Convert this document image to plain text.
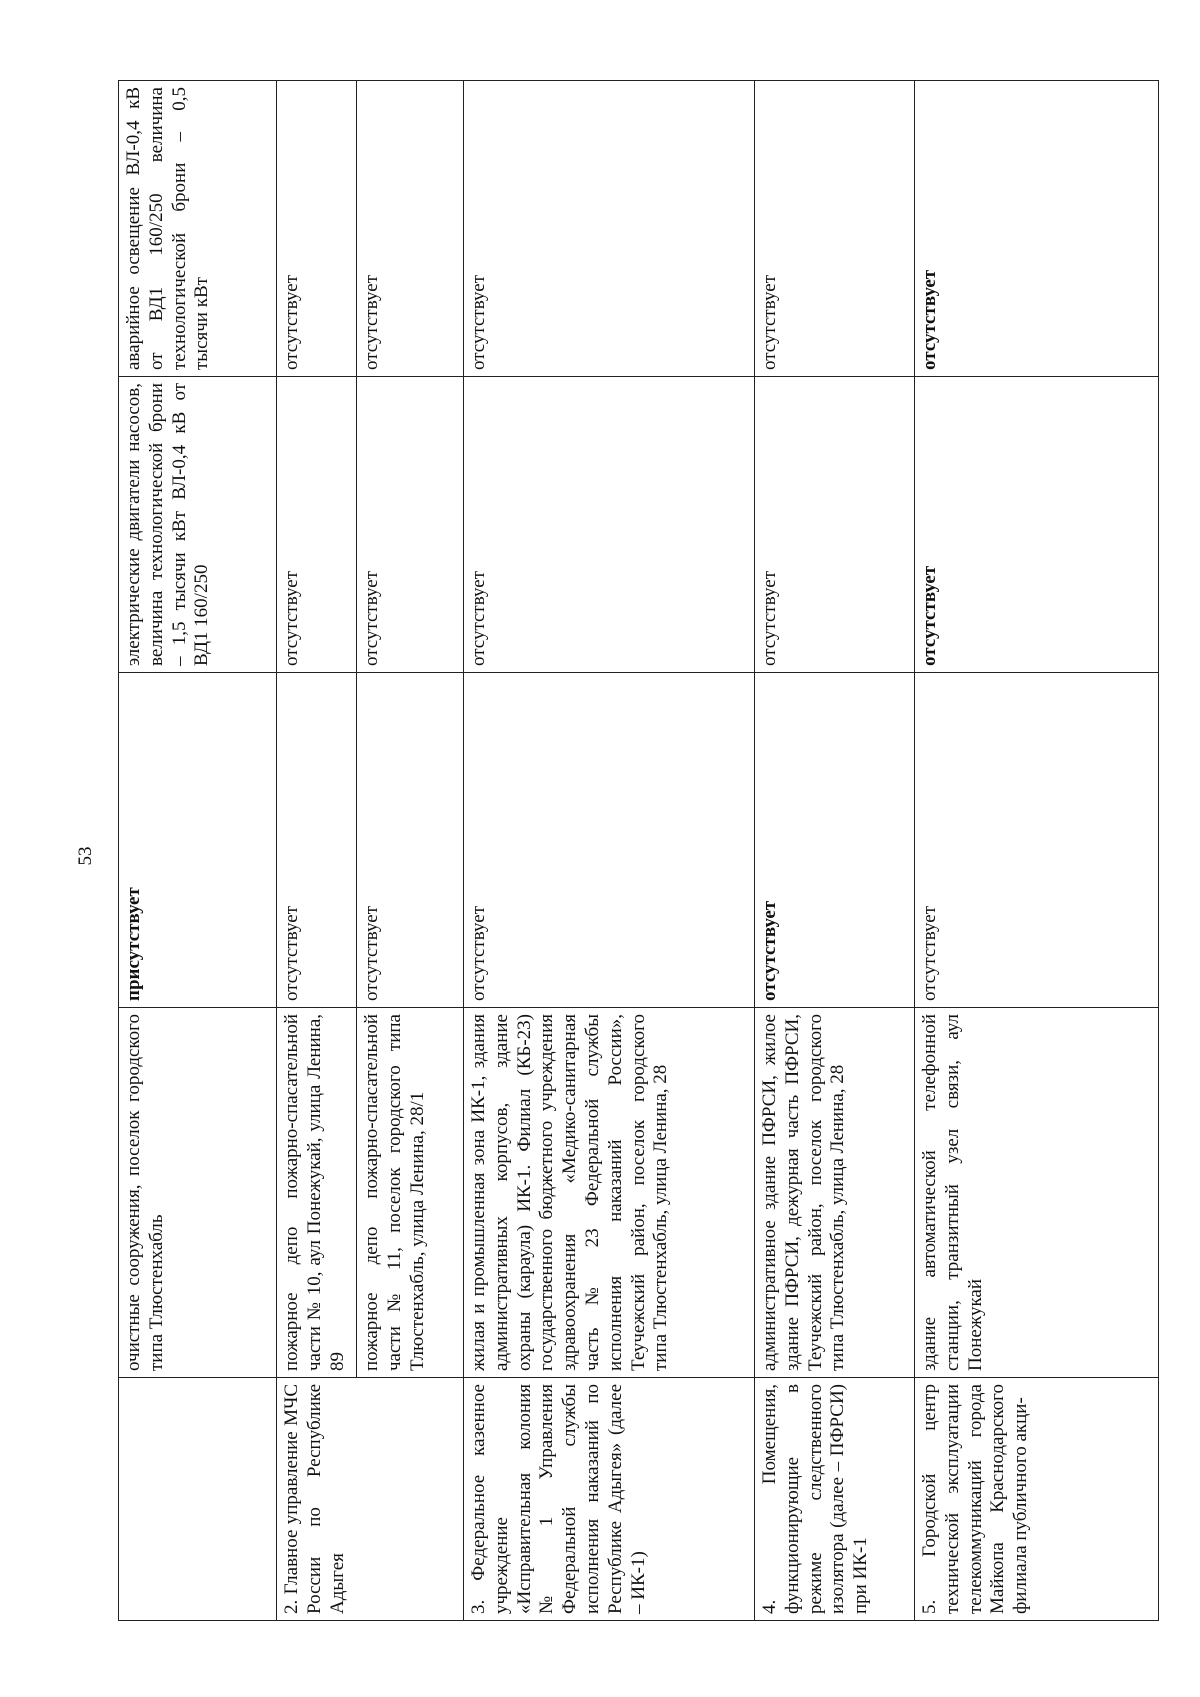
53
	очистные сооружения, поселок городского типа Тлюстенхабль	присутствует	электрические двигатели насосов, величина технологической брони – 1,5 тысячи кВт ВЛ-0,4 кВ от ВД1 160/250	аварийное освещение ВЛ-0,4 кВ от ВД1 160/250 величина технологической брони – 0,5 тысячи кВт
2. Главное управление МЧС России по Республике Адыгея	пожарное депо пожарно-спасательной части № 10, аул Понежукай, улица Ленина, 89	отсутствует	отсутствует	отсутствует
	пожарное депо пожарно-спасательной части № 11, поселок городского типа Тлюстенхабль, улица Ленина, 28/1	отсутствует	отсутствует	отсутствует
3. Федеральное казенное учреждение «Исправительная колония № 1 Управления Федеральной службы исполнения наказаний по Республике Адыгея» (далее – ИК-1)	жилая и промышленная зона ИК-1, здания административных корпусов, здание охраны (караула) ИК-1. Филиал (КБ-23) государственного бюджетного учреждения здравоохранения «Медико-санитарная часть № 23 Федеральной службы исполнения наказаний России», Теучежский район, поселок городского типа Тлюстенхабль, улица Ленина, 28	отсутствует	отсутствует	отсутствует
4. Помещения, функционирующие в режиме следственного изолятора (далее – ПФРСИ) при ИК-1	административное здание ПФРСИ, жилое здание ПФРСИ, дежурная часть ПФРСИ, Теучежский район, поселок городского типа Тлюстенхабль, улица Ленина, 28	отсутствует	отсутствует	отсутствует
5. Городской центр технической эксплуатации телекоммуникаций города Майкопа Краснодарского филиала публичного акци-	здание автоматической телефонной станции, транзитный узел связи, аул Понежукай	отсутствует	отсутствует	отсутствует
